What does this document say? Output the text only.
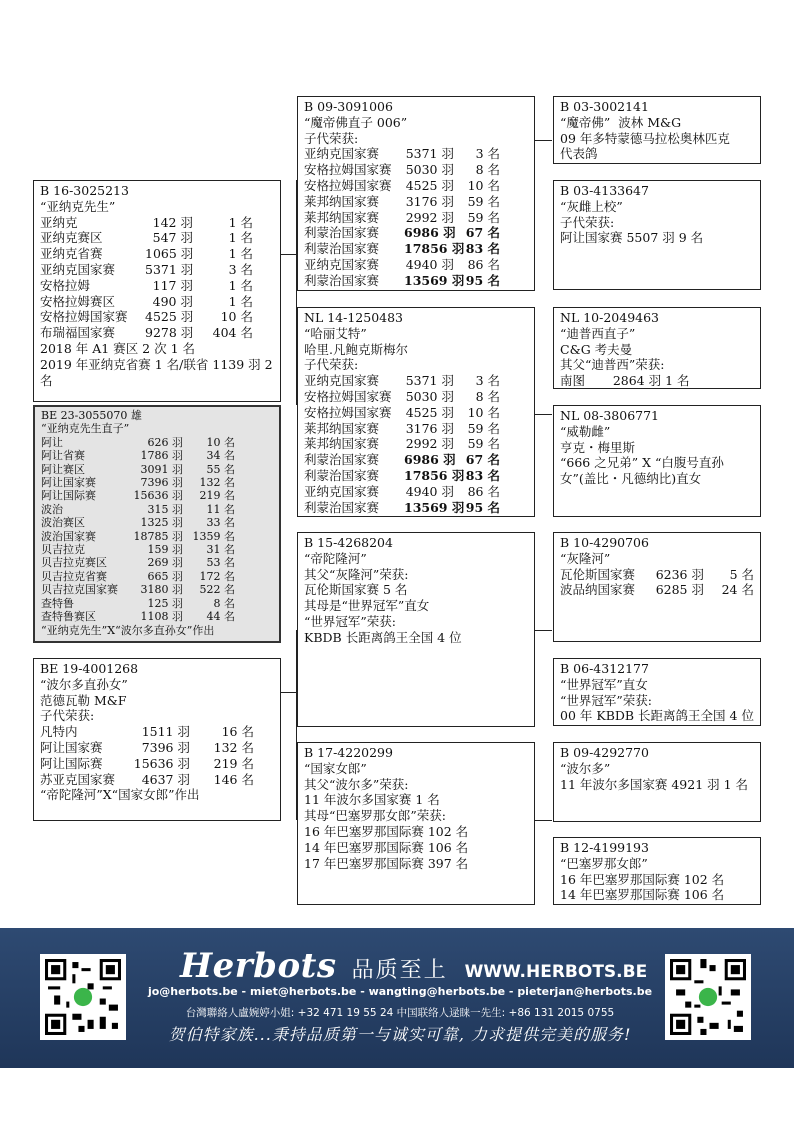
B 16-3025213
“亚纳克先生”
亚纳克	142 羽	1 名
亚纳克赛区	547 羽	1 名
亚纳克省赛	1065 羽	1 名
亚纳克国家赛	5371 羽	3 名
安格拉姆	117 羽	1 名
安格拉姆赛区	490 羽	1 名
安格拉姆国家赛	4525 羽	10 名
布瑞福国家赛	9278 羽	404 名
2018 年 A1 赛区 2 次 1 名
2019 年亚纳克省赛 1 名/联省 1139 羽 2
名
BE 23-3055070 雄
“亚纳克先生直子”
阿让	626 羽	10 名
阿让省赛	1786 羽	34 名
阿让赛区	3091 羽	55 名
阿让国家赛	7396 羽	132 名
阿让国际赛	15636 羽	219 名
波治	315 羽	11 名
波治赛区	1325 羽	33 名
波治国家赛	18785 羽 1359 名
贝吉拉克	159 羽	31 名
贝吉拉克赛区	269 羽	53 名
贝吉拉克省赛	665 羽	172 名
贝吉拉克国家赛	3180 羽	522 名
查特鲁	125 羽	8 名
查特鲁赛区	1108 羽	44 名
“亚纳克先生”X“波尔多直孙女”作出
BE 19-4001268
“波尔多直孙女”
范德瓦勒 M&F
子代荣获:
凡特内	1511 羽	16 名
阿让国家赛	7396 羽	132 名
阿让国际赛	15636 羽	219 名
苏亚克国家赛	4637 羽	146 名
“帝陀隆河”X“国家女郎”作出
B 09-3091006
“魔帝佛直子 006”
子代荣获:
亚纳克国家赛	5371 羽	3 名
安格拉姆国家赛	5030 羽	8 名
安格拉姆国家赛	4525 羽	10 名
莱邦纳国家赛	3176 羽	59 名
莱邦纳国家赛	2992 羽	59 名
利蒙治国家赛	6986 羽 67 名
利蒙治国家赛	17856 羽 83 名
亚纳克国家赛	4940 羽	86 名
利蒙治国家赛	13569 羽 95 名
NL 14-1250483
“哈丽艾特”
哈里.凡鲍克斯梅尔
子代荣获:
亚纳克国家赛	5371 羽	3 名
安格拉姆国家赛	5030 羽	8 名
安格拉姆国家赛	4525 羽	10 名
莱邦纳国家赛	3176 羽	59 名
莱邦纳国家赛	2992 羽	59 名
利蒙治国家赛	6986 羽 67 名
利蒙治国家赛	17856 羽 83 名
亚纳克国家赛	4940 羽	86 名
利蒙治国家赛	13569 羽 95 名
B 15-4268204
“帝陀隆河”
其父“灰隆河”荣获:
瓦伦斯国家赛 5 名
其母是“世界冠军”直女
“世界冠军”荣获:
KBDB 长距离鸽王全国 4 位
B 17-4220299
“国家女郎”
其父“波尔多”荣获:
11 年波尔多国家赛 1 名
其母“巴塞罗那女郎”荣获:
16 年巴塞罗那国际赛 102 名
14 年巴塞罗那国际赛 106 名
17 年巴塞罗那国际赛 397 名
B 03-3002141
“魔帝佛”  波林 M&G
09 年多特蒙德马拉松奥林匹克
代表鸽
B 03-4133647
“灰雌上校”
子代荣获:
阿让国家赛 5507 羽 9 名
NL 10-2049463
“迪普西直子”
C&G 考夫曼
其父“迪普西”荣获:
南图       2864 羽 1 名
NL 08-3806771
“威勒雌”
亨克・梅里斯
“666 之兄弟” X “白腹号直孙
女”(盖比・凡德纳比)直女
B 10-4290706
“灰隆河”
瓦伦斯国家赛	6236 羽	5 名
波品纳国家赛	6285 羽	24 名
B 06-4312177
“世界冠军”直女
“世界冠军”荣获:
00 年 KBDB 长距离鸽王全国 4 位
B 09-4292770
“波尔多”
11 年波尔多国家赛 4921 羽 1 名
B 12-4199193
“巴塞罗那女郎”
16 年巴塞罗那国际赛 102 名
14 年巴塞罗那国际赛 106 名
Herbots 品质至上 WWW.HERBOTS.BE
jo@herbots.be - miet@herbots.be - wangting@herbots.be - pieterjan@herbots.be
台灣聯絡人盧婉婷小姐: +32 471 19 55 24 中国联络人逯睐一先生: +86 131 2015 0755
贺伯特家族...秉持品质第一与诚实可靠, 力求提供完美的服务!
